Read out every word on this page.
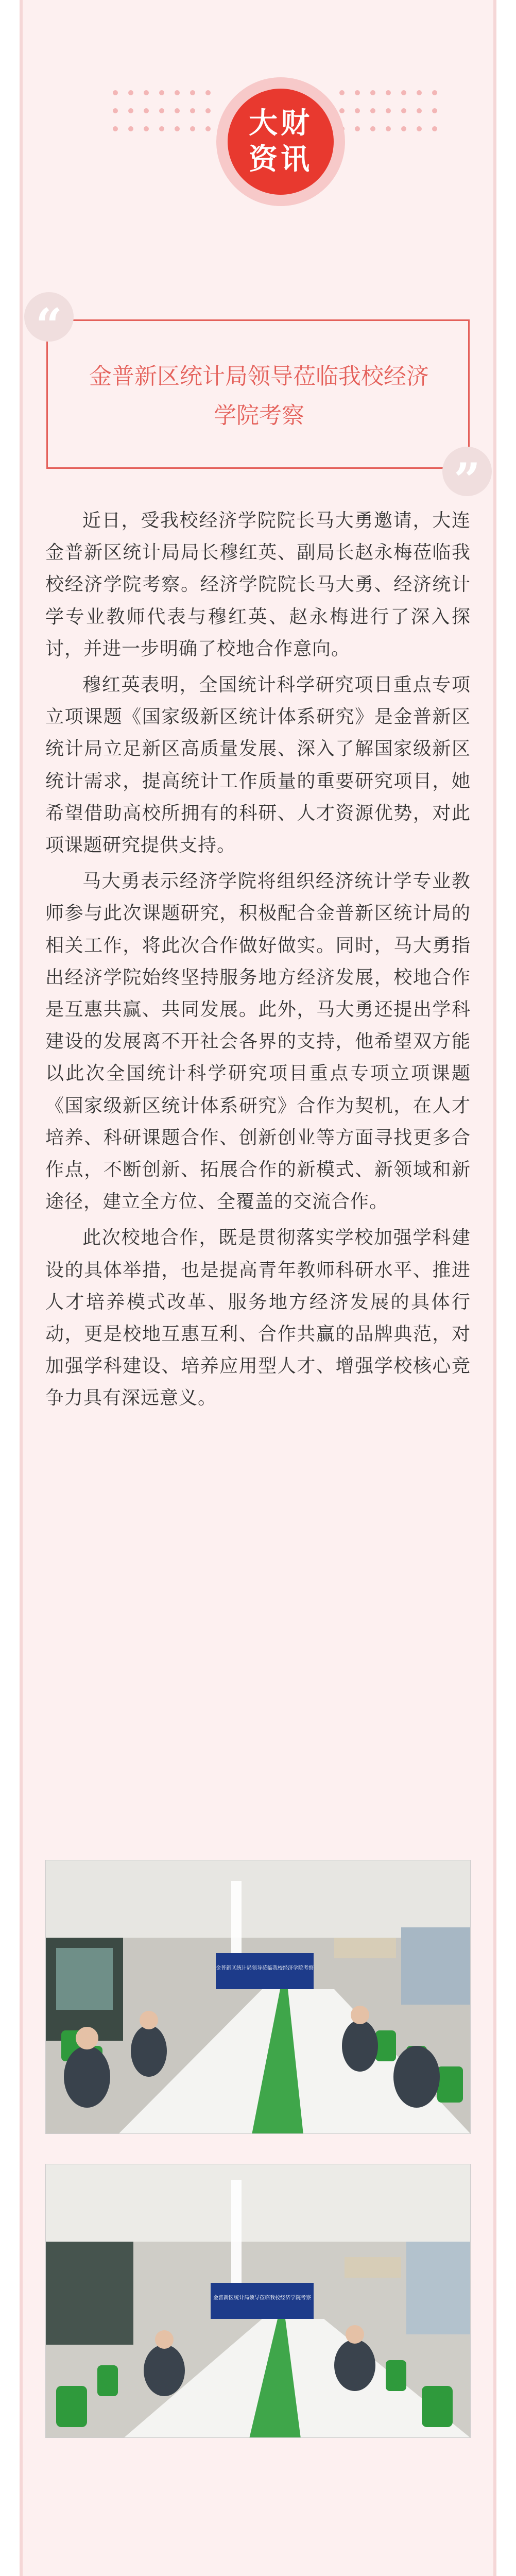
大财
资讯
“
”
金普新区统计局领导莅临我校经济学院考察

近日，受我校经济学院院长马大勇邀请，大连金普新区统计局局长穆红英、副局长赵永梅莅临我校经济学院考察。经济学院院长马大勇、经济统计学专业教师代表与穆红英、赵永梅进行了深入探讨，并进一步明确了校地合作意向。

穆红英表明，全国统计科学研究项目重点专项立项课题《国家级新区统计体系研究》是金普新区统计局立足新区高质量发展、深入了解国家级新区统计需求，提高统计工作质量的重要研究项目，她希望借助高校所拥有的科研、人才资源优势，对此项课题研究提供支持。

马大勇表示经济学院将组织经济统计学专业教师参与此次课题研究，积极配合金普新区统计局的相关工作，将此次合作做好做实。同时，马大勇指出经济学院始终坚持服务地方经济发展，校地合作是互惠共赢、共同发展。此外，马大勇还提出学科建设的发展离不开社会各界的支持，他希望双方能以此次全国统计科学研究项目重点专项立项课题《国家级新区统计体系研究》合作为契机，在人才培养、科研课题合作、创新创业等方面寻找更多合作点，不断创新、拓展合作的新模式、新领域和新途径，建立全方位、全覆盖的交流合作。

此次校地合作，既是贯彻落实学校加强学科建设的具体举措，也是提高青年教师科研水平、推进人才培养模式改革、服务地方经济发展的具体行动，更是校地互惠互利、合作共赢的品牌典范，对加强学科建设、培养应用型人才、增强学校核心竞争力具有深远意义。

金普新区统计局领导莅临我校经济学院考察
金普新区统计局领导莅临我校经济学院考察
